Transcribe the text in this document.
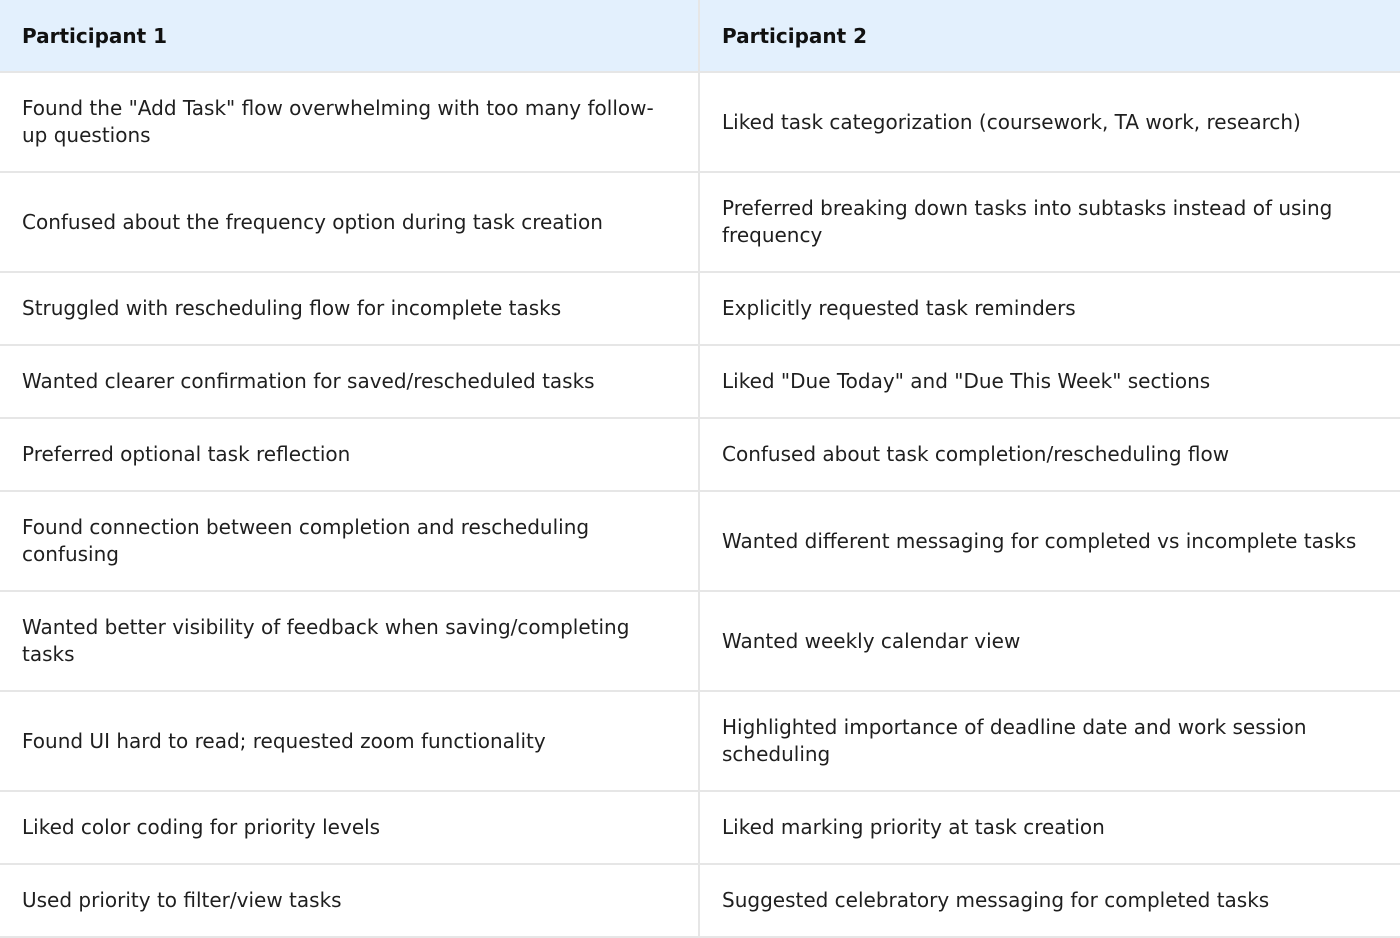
Participant 1	Participant 2
Found the "Add Task" flow overwhelming with too many follow-up questions	Liked task categorization (coursework, TA work, research)
Confused about the frequency option during task creation	Preferred breaking down tasks into subtasks instead of using frequency
Struggled with rescheduling flow for incomplete tasks	Explicitly requested task reminders
Wanted clearer confirmation for saved/rescheduled tasks	Liked "Due Today" and "Due This Week" sections
Preferred optional task reflection	Confused about task completion/rescheduling flow
Found connection between completion and rescheduling confusing	Wanted different messaging for completed vs incomplete tasks
Wanted better visibility of feedback when saving/completing tasks	Wanted weekly calendar view
Found UI hard to read; requested zoom functionality	Highlighted importance of deadline date and work session scheduling
Liked color coding for priority levels	Liked marking priority at task creation
Used priority to filter/view tasks	Suggested celebratory messaging for completed tasks
